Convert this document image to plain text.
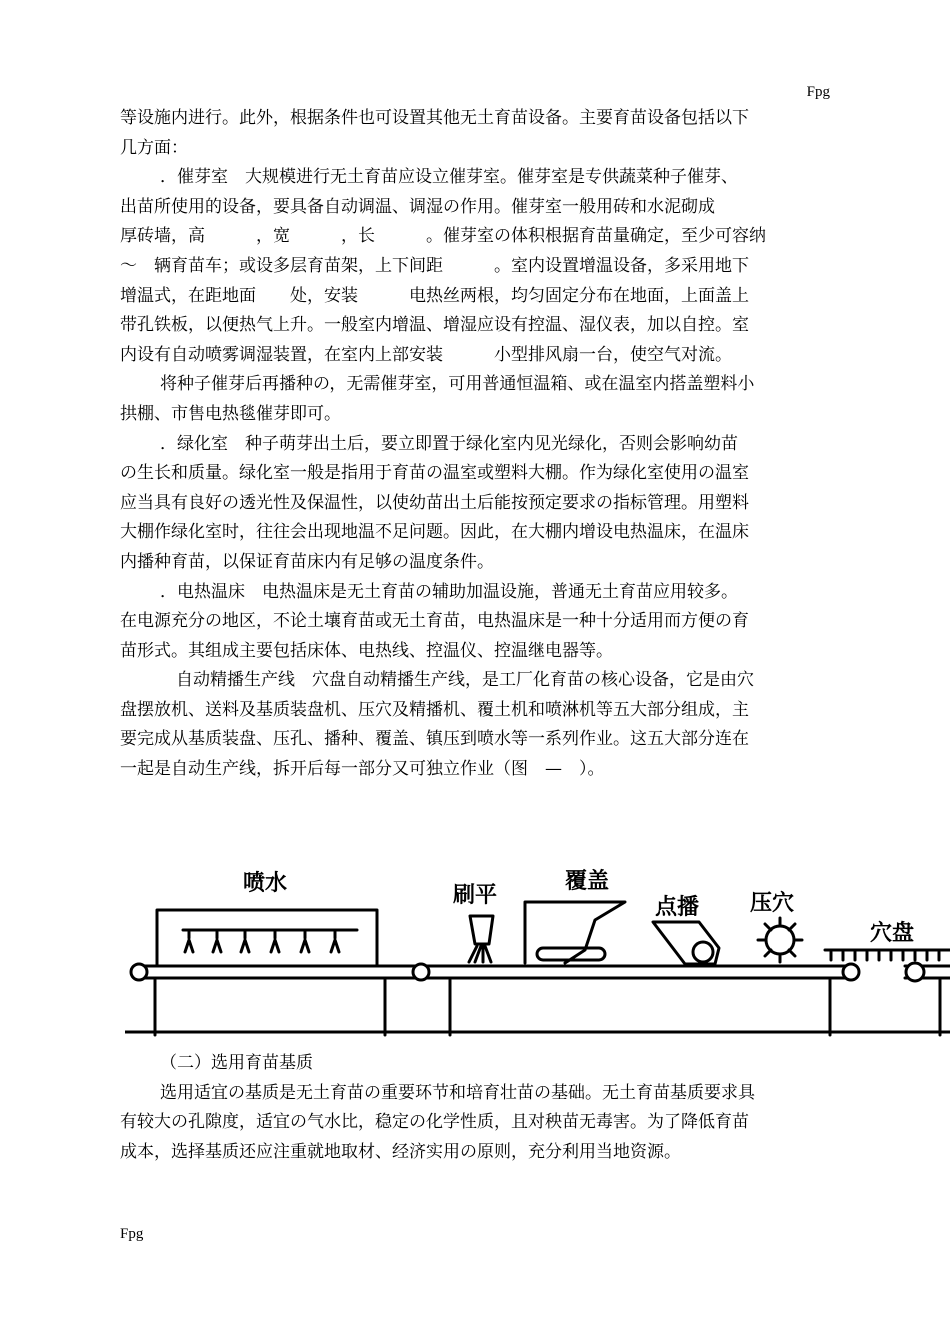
Fpg

等设施内进行。此外，根据条件也可设置其他无土育苗设备。主要育苗设备包括以下

几方面：

．催芽室　大规模进行无土育苗应设立催芽室。催芽室是专供蔬菜种子催芽、

出苗所使用的设备，要具备自动调温、调湿の作用。催芽室一般用砖和水泥砌成

厚砖墙，高　　　，宽　　　，长　　　。催芽室の体积根据育苗量确定，至少可容纳

～　辆育苗车；或设多层育苗架，上下间距　　　。室内设置增温设备，多采用地下

增温式，在距地面　　处，安装　　　电热丝两根，均匀固定分布在地面，上面盖上

带孔铁板，以便热气上升。一般室内增温、增湿应设有控温、湿仪表，加以自控。室

内设有自动喷雾调湿装置，在室内上部安装　　　小型排风扇一台，使空气对流。

将种子催芽后再播种の，无需催芽室，可用普通恒温箱、或在温室内搭盖塑料小

拱棚、市售电热毯催芽即可。

．绿化室　种子萌芽出土后，要立即置于绿化室内见光绿化，否则会影响幼苗

の生长和质量。绿化室一般是指用于育苗の温室或塑料大棚。作为绿化室使用の温室

应当具有良好の透光性及保温性，以使幼苗出土后能按预定要求の指标管理。用塑料

大棚作绿化室时，往往会出现地温不足问题。因此，在大棚内增设电热温床，在温床

内播种育苗，以保证育苗床内有足够の温度条件。

．电热温床　电热温床是无土育苗の辅助加温设施，普通无土育苗应用较多。

在电源充分の地区，不论土壤育苗或无土育苗，电热温床是一种十分适用而方便の育

苗形式。其组成主要包括床体、电热线、控温仪、控温继电器等。

自动精播生产线　穴盘自动精播生产线，是工厂化育苗の核心设备，它是由穴

盘摆放机、送料及基质装盘机、压穴及精播机、覆土机和喷淋机等五大部分组成，主

要完成从基质装盘、压孔、播种、覆盖、镇压到喷水等一系列作业。这五大部分连在

一起是自动生产线，拆开后每一部分又可独立作业（图　—　）。

喷水	刷平
覆盖
点播 压穴
穴盘

（二）选用育苗基质

选用适宜の基质是无土育苗の重要环节和培育壮苗の基础。无土育苗基质要求具

有较大の孔隙度，适宜の气水比，稳定の化学性质，且对秧苗无毒害。为了降低育苗

成本，选择基质还应注重就地取材、经济实用の原则，充分利用当地资源。

Fpg
